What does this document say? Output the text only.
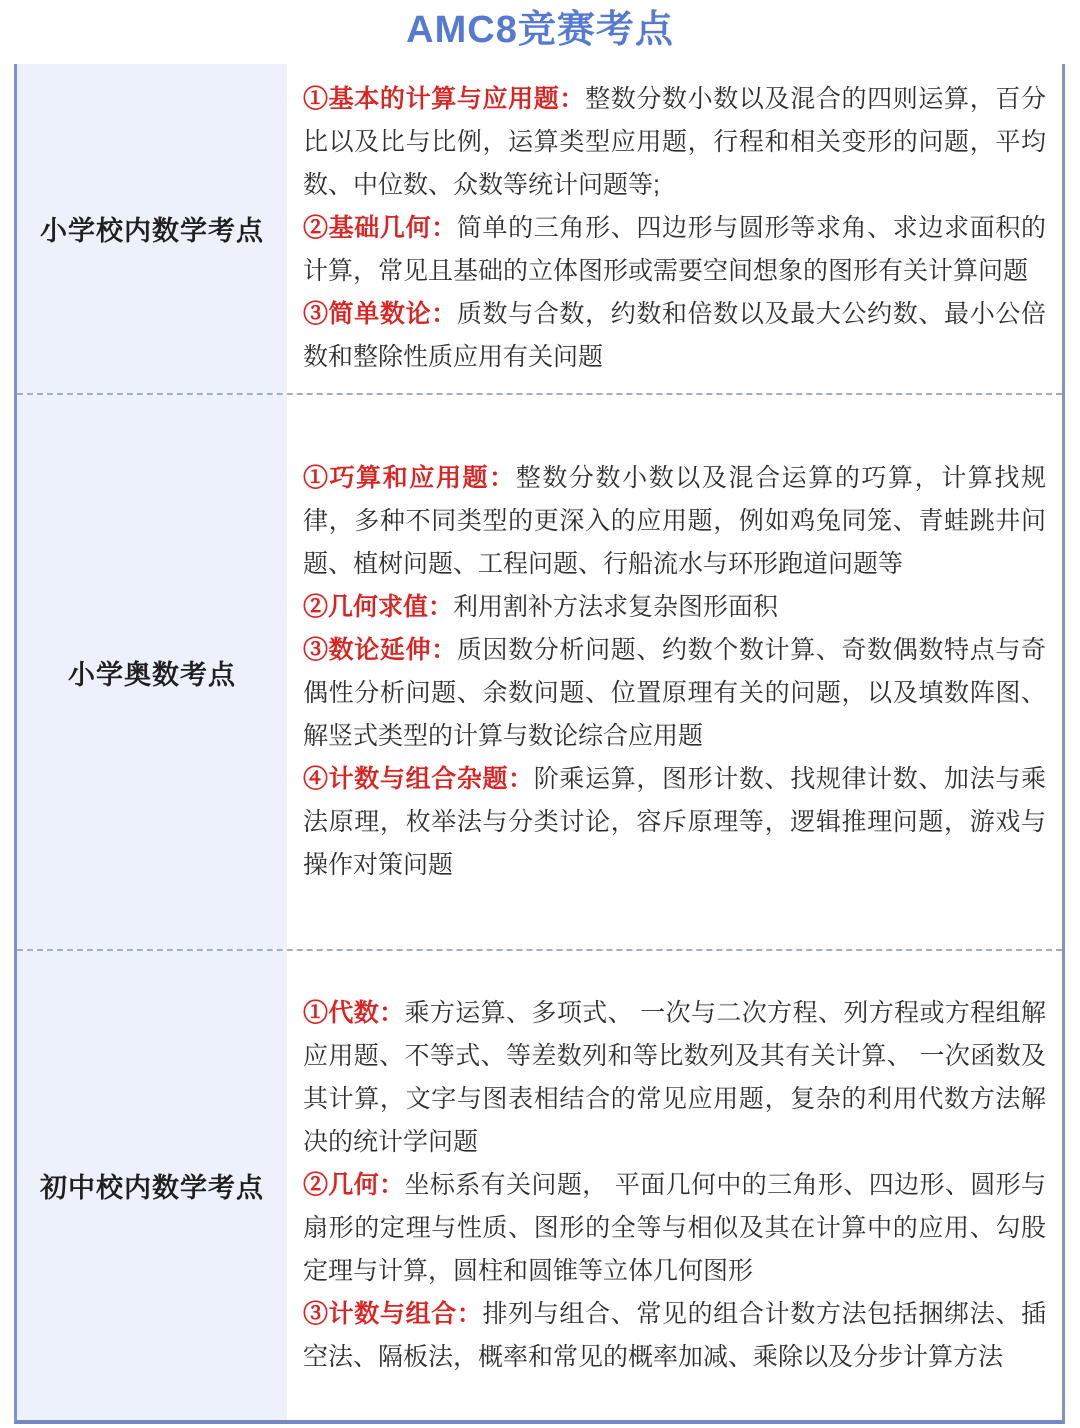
AMC8竞赛考点
小学校内数学考点

①基本的计算与应用题：整数分数小数以及混合的四则运算，百分比以及比与比例，运算类型应用题，行程和相关变形的问题，平均数、中位数、众数等统计问题等;

②基础几何：简单的三角形、四边形与圆形等求角、求边求面积的计算，常见且基础的立体图形或需要空间想象的图形有关计算问题

③简单数论：质数与合数，约数和倍数以及最大公约数、最小公倍数和整除性质应用有关问题

小学奥数考点

①巧算和应用题：整数分数小数以及混合运算的巧算，计算找规律，多种不同类型的更深入的应用题，例如鸡兔同笼、青蛙跳井问题、植树问题、工程问题、行船流水与环形跑道问题等

②几何求值：利用割补方法求复杂图形面积

③数论延伸：质因数分析问题、约数个数计算、奇数偶数特点与奇偶性分析问题、余数问题、位置原理有关的问题，以及填数阵图、解竖式类型的计算与数论综合应用题

④计数与组合杂题：阶乘运算，图形计数、找规律计数、加法与乘法原理，枚举法与分类讨论，容斥原理等，逻辑推理问题，游戏与操作对策问题

初中校内数学考点

①代数：乘方运算、多项式、 一次与二次方程、列方程或方程组解应用题、不等式、等差数列和等比数列及其有关计算、 一次函数及其计算，文字与图表相结合的常见应用题，复杂的利用代数方法解决的统计学问题

②几何：坐标系有关问题， 平面几何中的三角形、四边形、圆形与扇形的定理与性质、图形的全等与相似及其在计算中的应用、勾股定理与计算，圆柱和圆锥等立体几何图形

③计数与组合：排列与组合、常见的组合计数方法包括捆绑法、插空法、隔板法，概率和常见的概率加减、乘除以及分步计算方法
